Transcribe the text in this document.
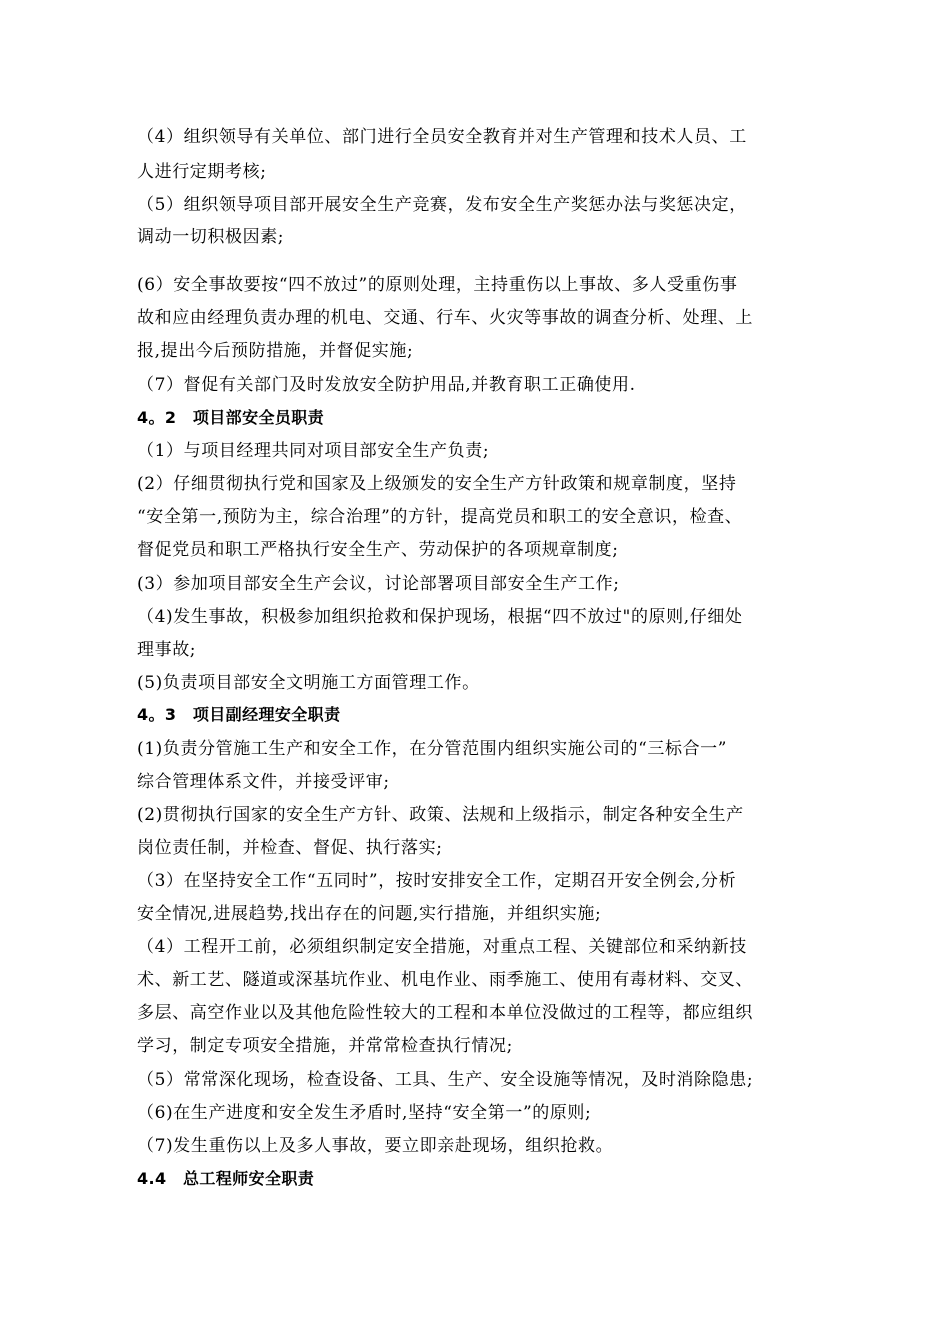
（4）组织领导有关单位、部门进行全员安全教育并对生产管理和技术人员、工
人进行定期考核;
（5）组织领导项目部开展安全生产竞赛，发布安全生产奖惩办法与奖惩决定，
调动一切积极因素;
(6）安全事故要按“四不放过”的原则处理，主持重伤以上事故、多人受重伤事
故和应由经理负责办理的机电、交通、行车、火灾等事故的调查分析、处理、上
报,提出今后预防措施，并督促实施;
（7）督促有关部门及时发放安全防护用品,并教育职工正确使用.
4。2　项目部安全员职责
（1）与项目经理共同对项目部安全生产负责;
(2）仔细贯彻执行党和国家及上级颁发的安全生产方针政策和规章制度，坚持
“安全第一,预防为主，综合治理”的方针，提高党员和职工的安全意识，检查、
督促党员和职工严格执行安全生产、劳动保护的各项规章制度;
(3）参加项目部安全生产会议，讨论部署项目部安全生产工作;
（4)发生事故，积极参加组织抢救和保护现场，根据“四不放过"的原则,仔细处
理事故;
(5)负责项目部安全文明施工方面管理工作。
4。3　项目副经理安全职责
(1)负责分管施工生产和安全工作，在分管范围内组织实施公司的“三标合一”
综合管理体系文件，并接受评审;
(2)贯彻执行国家的安全生产方针、政策、法规和上级指示，制定各种安全生产
岗位责任制，并检查、督促、执行落实;
（3）在坚持安全工作“五同时”，按时安排安全工作，定期召开安全例会,分析
安全情况,进展趋势,找出存在的问题,实行措施，并组织实施;
（4）工程开工前，必须组织制定安全措施，对重点工程、关键部位和采纳新技
术、新工艺、隧道或深基坑作业、机电作业、雨季施工、使用有毒材料、交叉、
多层、高空作业以及其他危险性较大的工程和本单位没做过的工程等，都应组织
学习，制定专项安全措施，并常常检查执行情况;
（5）常常深化现场，检查设备、工具、生产、安全设施等情况，及时消除隐患;
（6)在生产进度和安全发生矛盾时,坚持“安全第一”的原则;
（7)发生重伤以上及多人事故，要立即亲赴现场，组织抢救。
4.4　总工程师安全职责
